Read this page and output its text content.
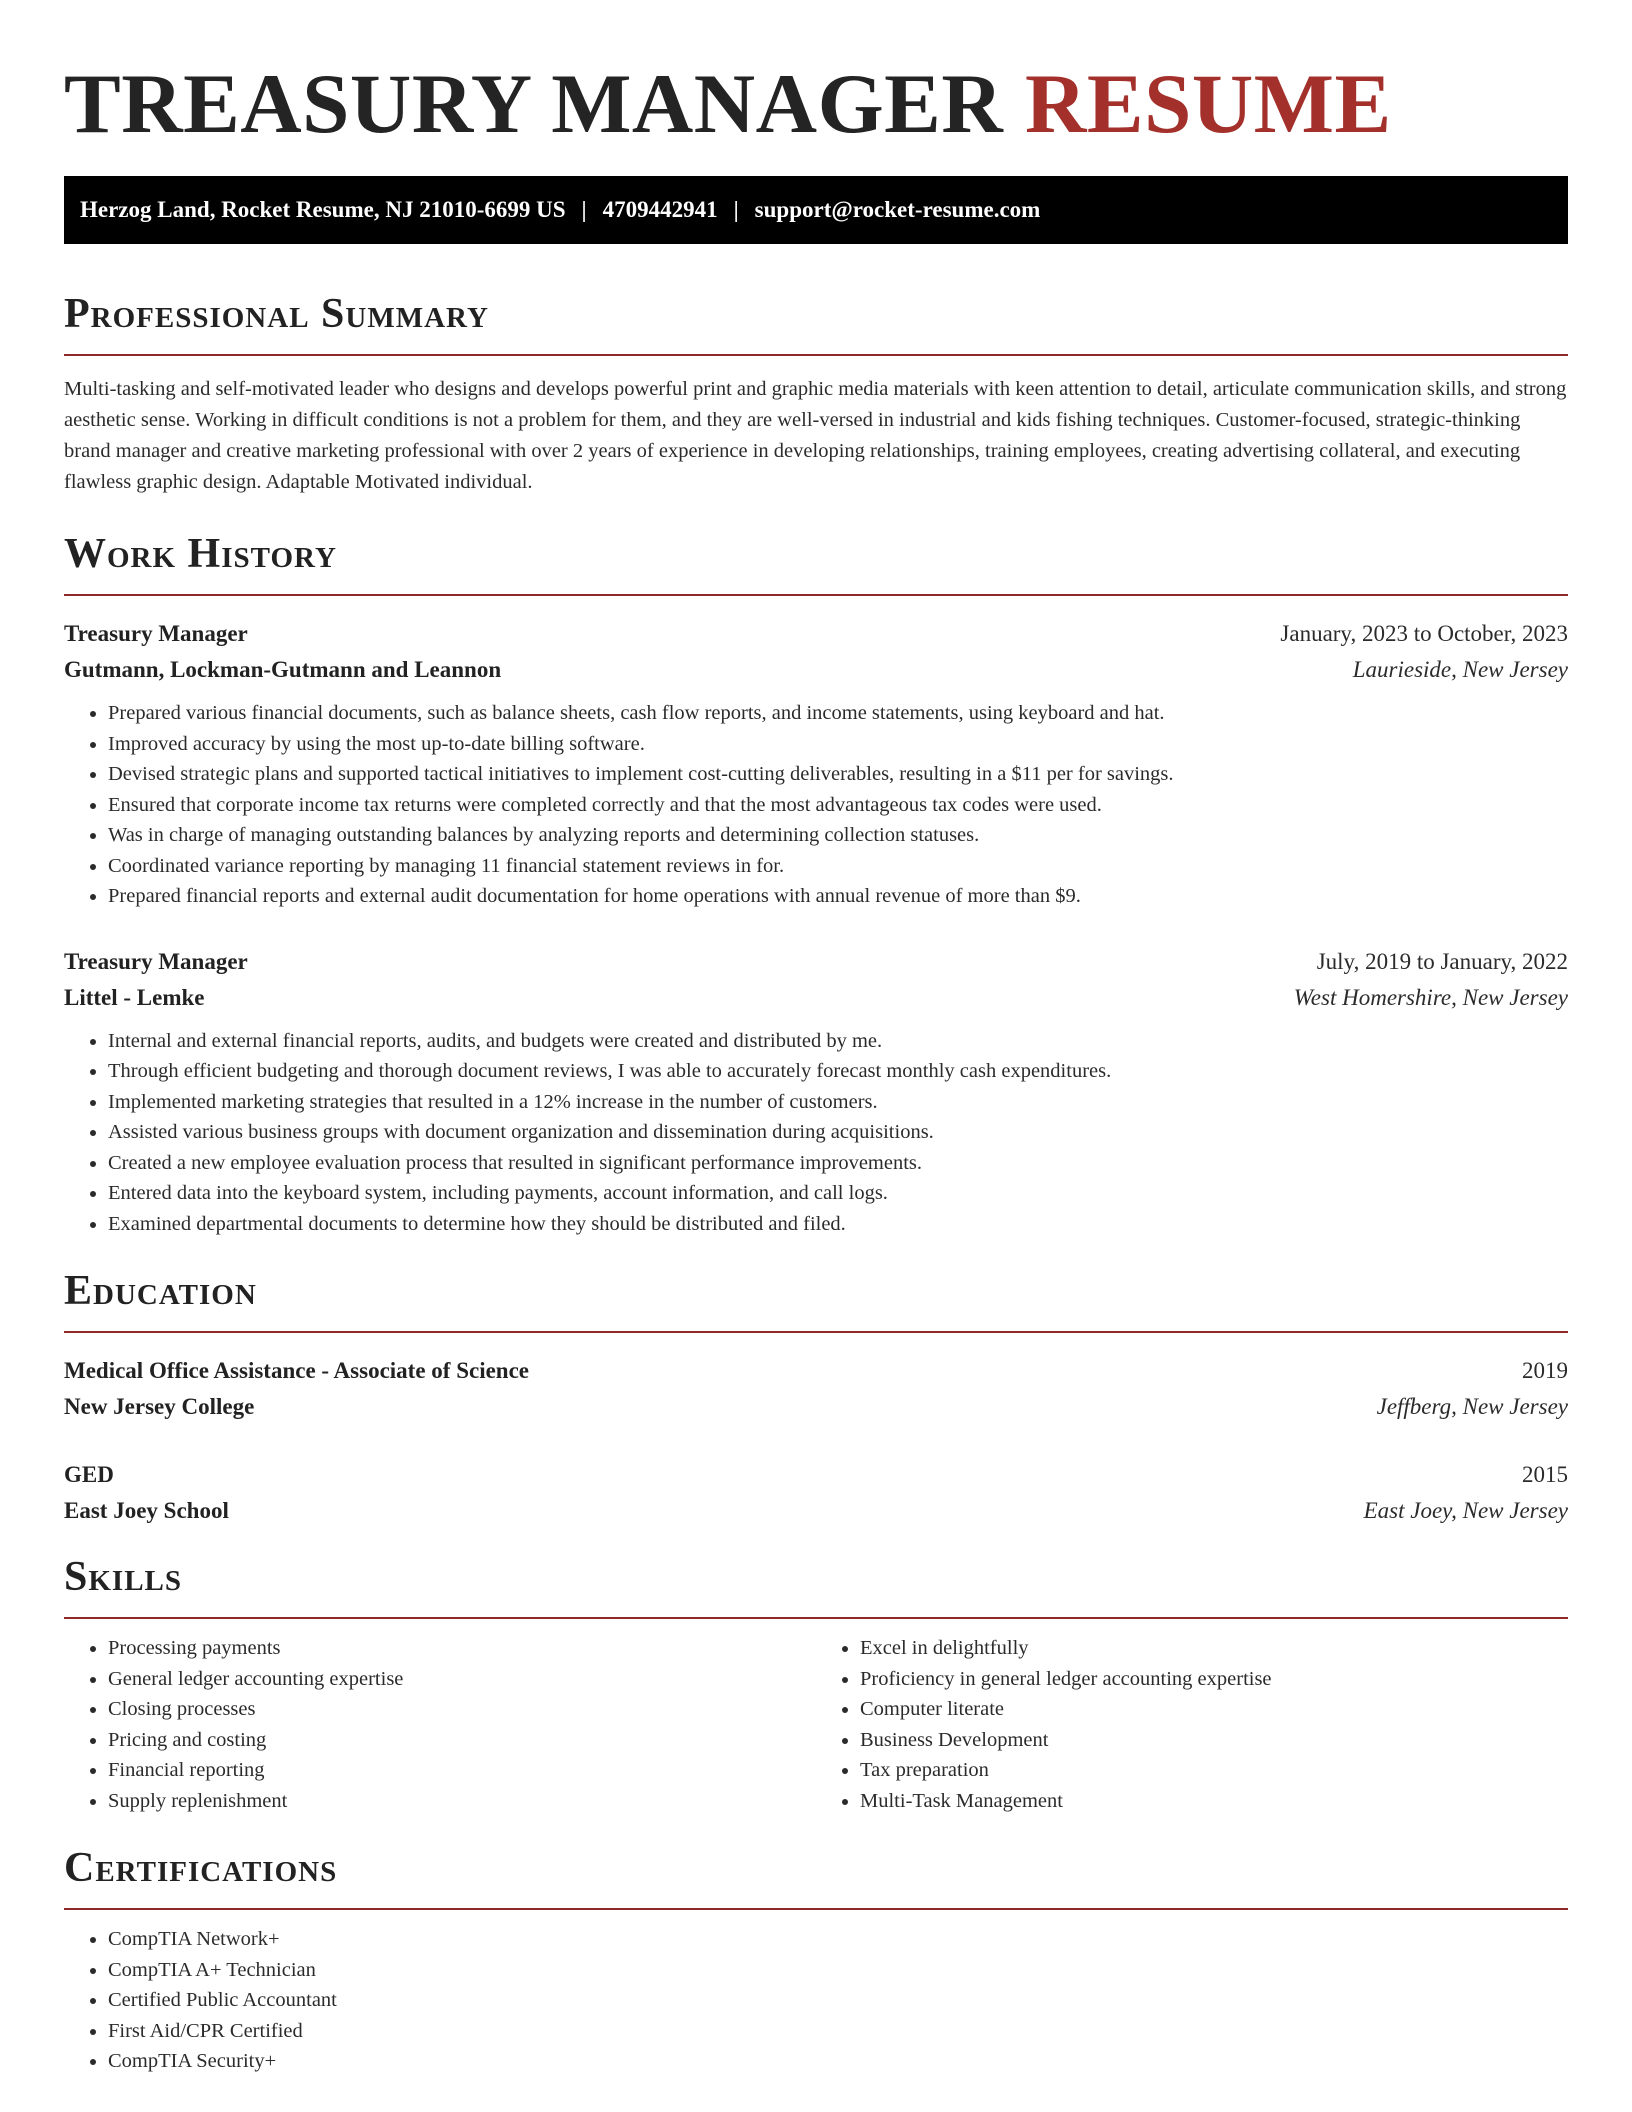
TREASURY MANAGER RESUME
Herzog Land, Rocket Resume, NJ 21010-6699 US | 4709442941 | support@rocket-resume.com
Professional Summary

Multi-tasking and self-motivated leader who designs and develops powerful print and graphic media materials with keen attention to detail, articulate communication skills, and strong aesthetic sense. Working in difficult conditions is not a problem for them, and they are well-versed in industrial and kids fishing techniques. Customer-focused, strategic-thinking brand manager and creative marketing professional with over 2 years of experience in developing relationships, training employees, creating advertising collateral, and executing flawless graphic design. Adaptable Motivated individual.

Work History
Treasury Manager	January, 2023 to October, 2023
Gutmann, Lockman-Gutmann and Leannon	Laurieside, New Jersey
• Prepared various financial documents, such as balance sheets, cash flow reports, and income statements, using keyboard and hat.
• Improved accuracy by using the most up-to-date billing software.
• Devised strategic plans and supported tactical initiatives to implement cost-cutting deliverables, resulting in a $11 per for savings.
• Ensured that corporate income tax returns were completed correctly and that the most advantageous tax codes were used.
• Was in charge of managing outstanding balances by analyzing reports and determining collection statuses.
• Coordinated variance reporting by managing 11 financial statement reviews in for.
• Prepared financial reports and external audit documentation for home operations with annual revenue of more than $9.
Treasury Manager	July, 2019 to January, 2022
Littel - Lemke	West Homershire, New Jersey
• Internal and external financial reports, audits, and budgets were created and distributed by me.
• Through efficient budgeting and thorough document reviews, I was able to accurately forecast monthly cash expenditures.
• Implemented marketing strategies that resulted in a 12% increase in the number of customers.
• Assisted various business groups with document organization and dissemination during acquisitions.
• Created a new employee evaluation process that resulted in significant performance improvements.
• Entered data into the keyboard system, including payments, account information, and call logs.
• Examined departmental documents to determine how they should be distributed and filed.
Education
Medical Office Assistance - Associate of Science	2019
New Jersey College	Jeffberg, New Jersey
GED	2015
East Joey School	East Joey, New Jersey
Skills
• Processing payments
• General ledger accounting expertise
• Closing processes
• Pricing and costing
• Financial reporting
• Supply replenishment
• Excel in delightfully
• Proficiency in general ledger accounting expertise
• Computer literate
• Business Development
• Tax preparation
• Multi-Task Management
Certifications
• CompTIA Network+
• CompTIA A+ Technician
• Certified Public Accountant
• First Aid/CPR Certified
• CompTIA Security+
